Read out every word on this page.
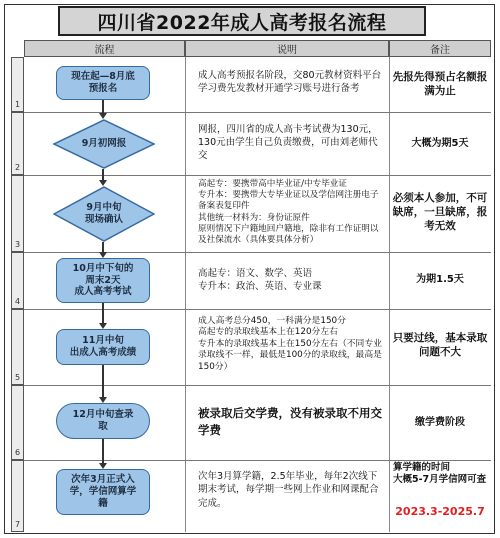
四川省2022年成人高考报名流程
流程	说明	备注
1
2
3
4
5
6
7
现在起—8月底
预报名
9月初网报
9月中旬
现场确认
10月中下旬的
周末2天
成人高考考试
11月中旬
出成人高考成绩
12月中旬查录
取
次年3月正式入
学，学信网算学
籍
成人高考预报名阶段，交80元教材资料平台学习费先发教材开通学习账号进行备考
网报，四川省的成人高卡考试费为130元，130元由学生自己负责缴费，可由刘老师代交
高起专：要携带高中毕业证/中专毕业证
专升本：要携带大专毕业证以及学信网注册电子备案表复印件
其他统一材料为：身份证原件
原则情况下户籍地回户籍地，除非有工作证明以及社保流水（具体要具体分析）
高起专：语文、数学、英语
专升本：政治、英语、专业课
成人高考总分450，一科满分是150分
高起专的录取线基本上在120分左右
专升本的录取线基本上在150分左右（不同专业录取线不一样，最低是100分的录取线，最高是150分）
被录取后交学费，没有被录取不用交学费
次年3月算学籍，2.5年毕业，每年2次线下期末考试，每学期一些网上作业和网课配合完成。
先报先得预占名额报满为止
大概为期5天
必须本人参加，不可缺席，一旦缺席，报考无效
为期1.5天
只要过线，基本录取问题不大
缴学费阶段
算学籍的时间
大概5-7月学信网可查
2023.3-2025.7
